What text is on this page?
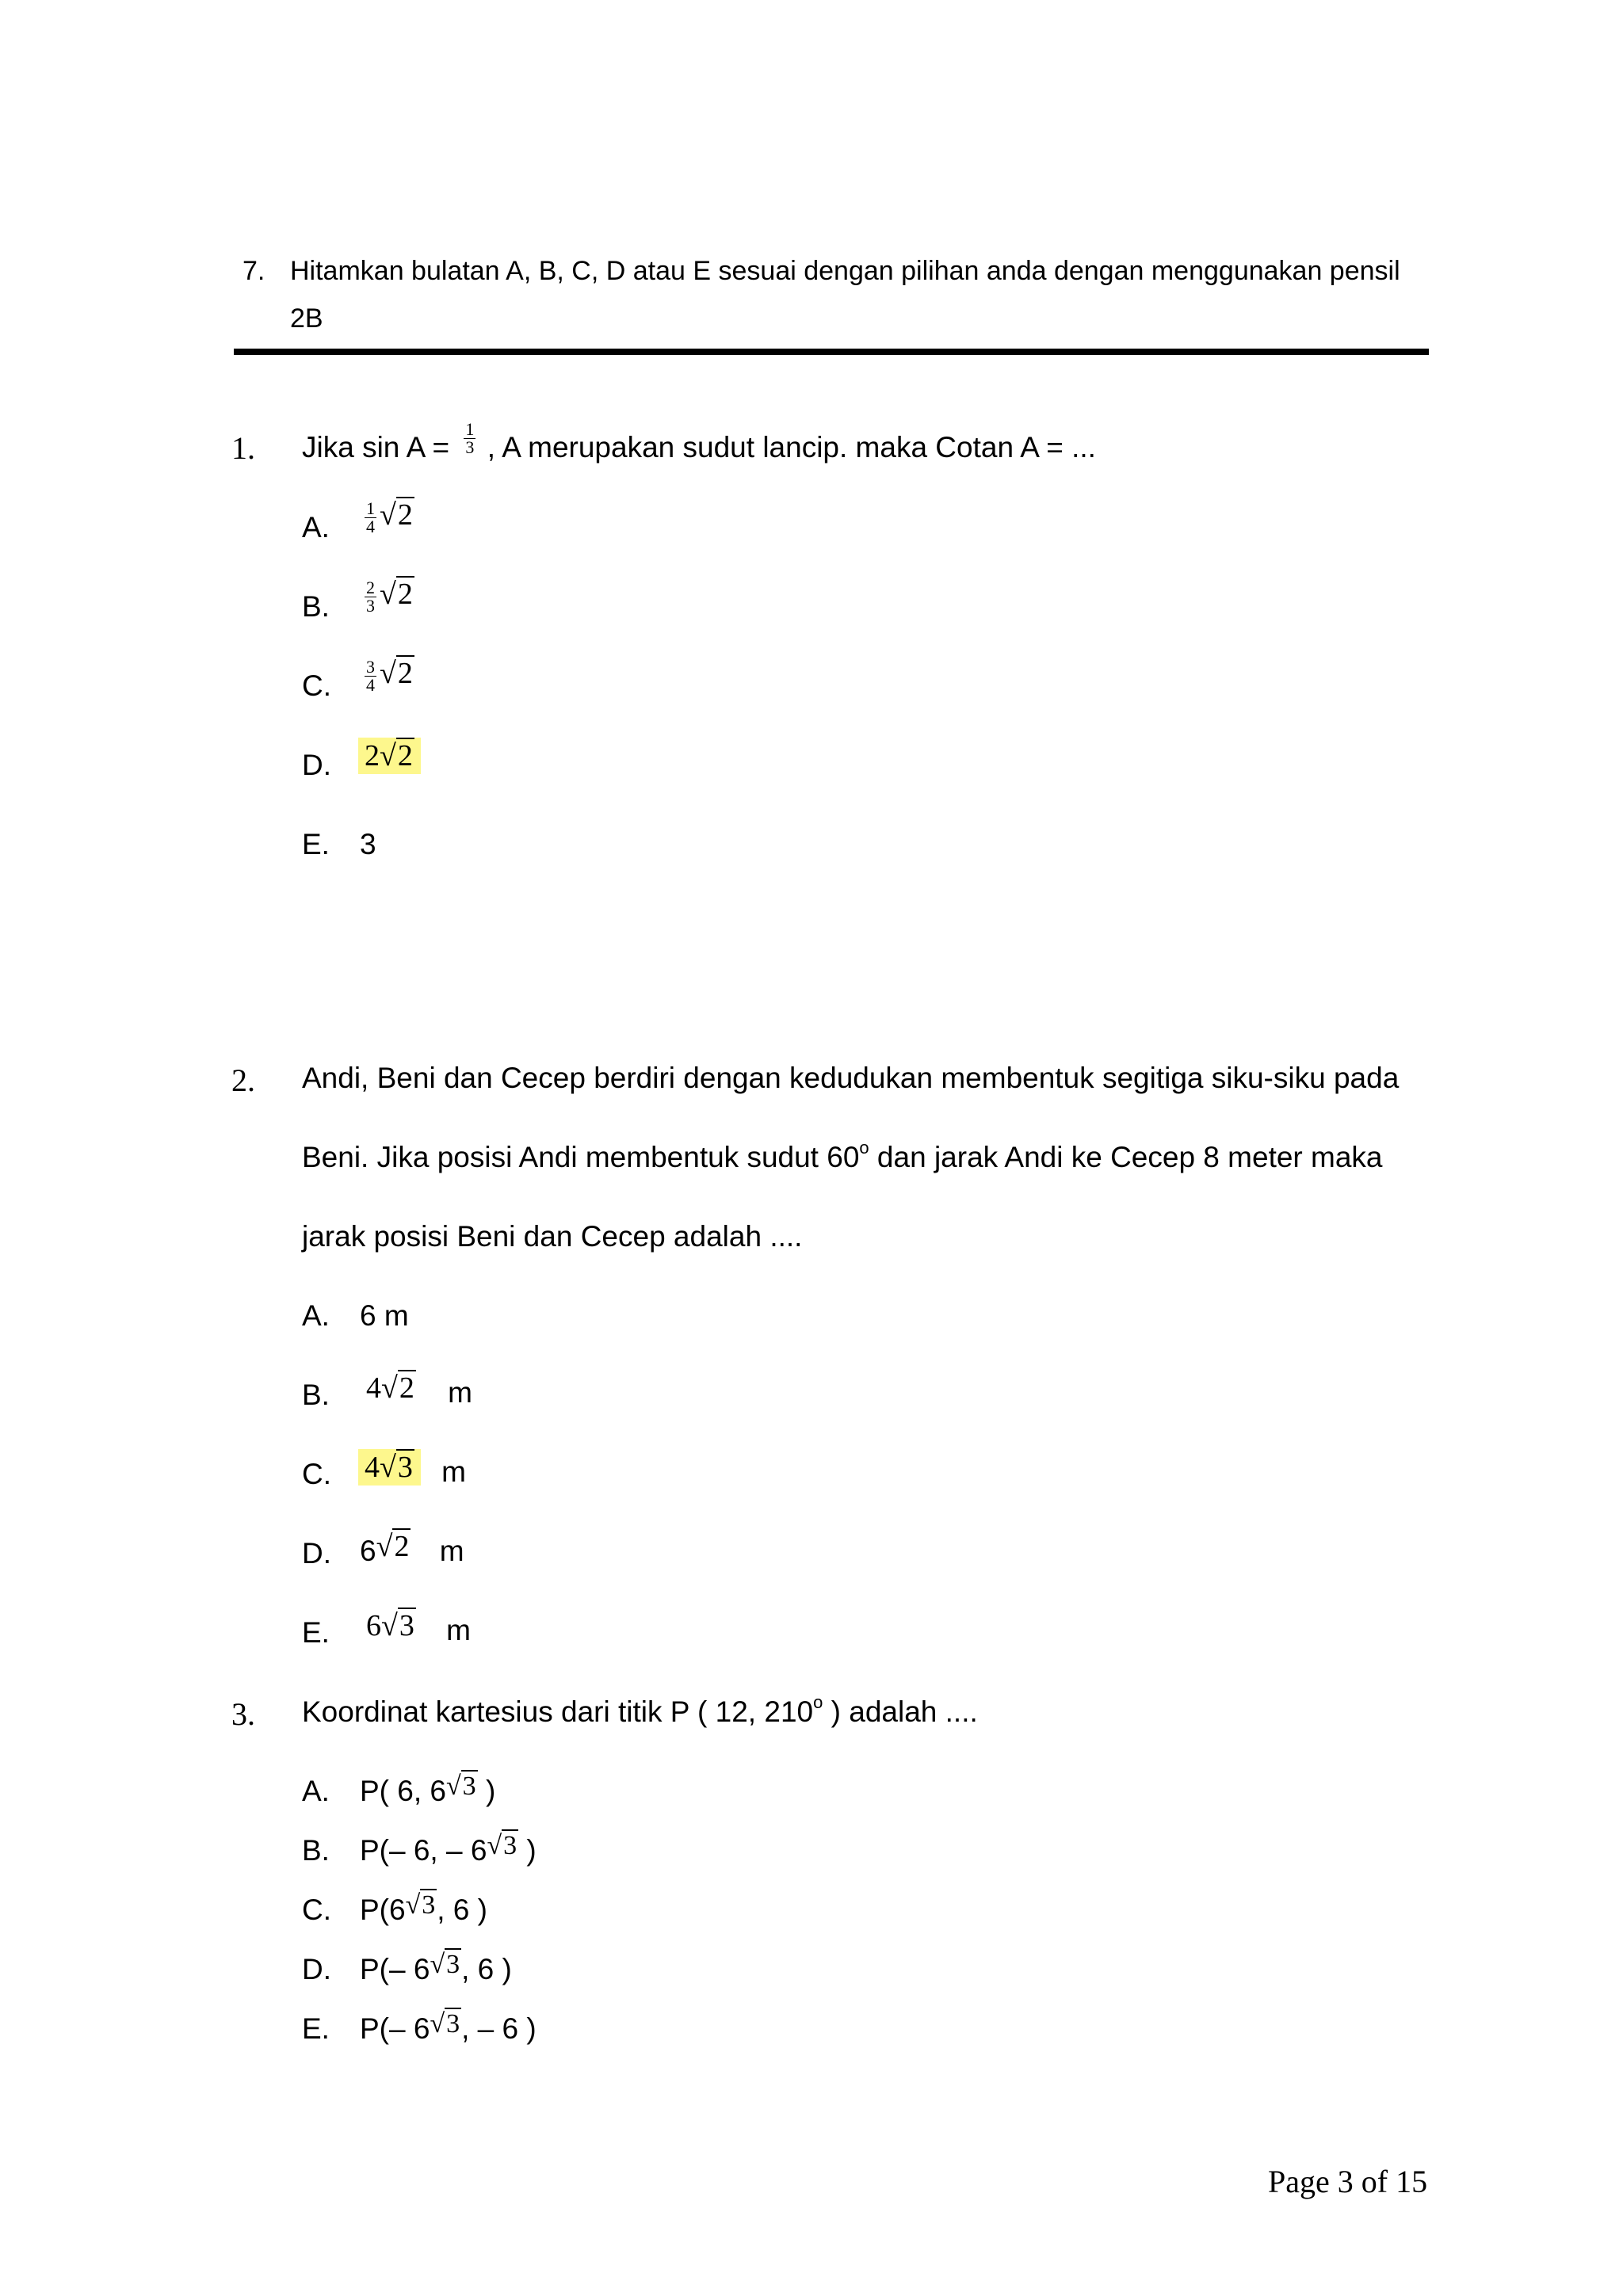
7. Hitamkan bulatan A, B, C, D atau E sesuai dengan pilihan anda dengan menggunakan pensil
2B
1. Jika $\sin A = \frac{1}{3}$ , A merupakan sudut lancip. maka Cotan A = ...
A. $\frac{1}{4} √2$
B. $\frac{2}{3} √2$
C. $\frac{3}{4} √2$
D. 2√2
E. 3
2. Andi, Beni dan Cecep berdiri dengan kedudukan membentuk segitiga siku-siku pada
Beni. Jika posisi Andi membentuk sudut 60$^o$ dan jarak Andi ke Cecep 8 meter maka
jarak posisi Beni dan Cecep adalah ....
A. 6 m
B. 4√2 m
C. 4√3 m
D. 6√2 m
E. 6√3 m
3. Koordinat kartesius dari titik P ( 12, 210$^o$ ) adalah ....
A. P( 6, 6√3 )
B. P(– 6, – 6√3 )
C. P(6√3, 6 )
D. P(– 6√3, 6 )
E. P(– 6√3, – 6 )
Page 3 of 15
